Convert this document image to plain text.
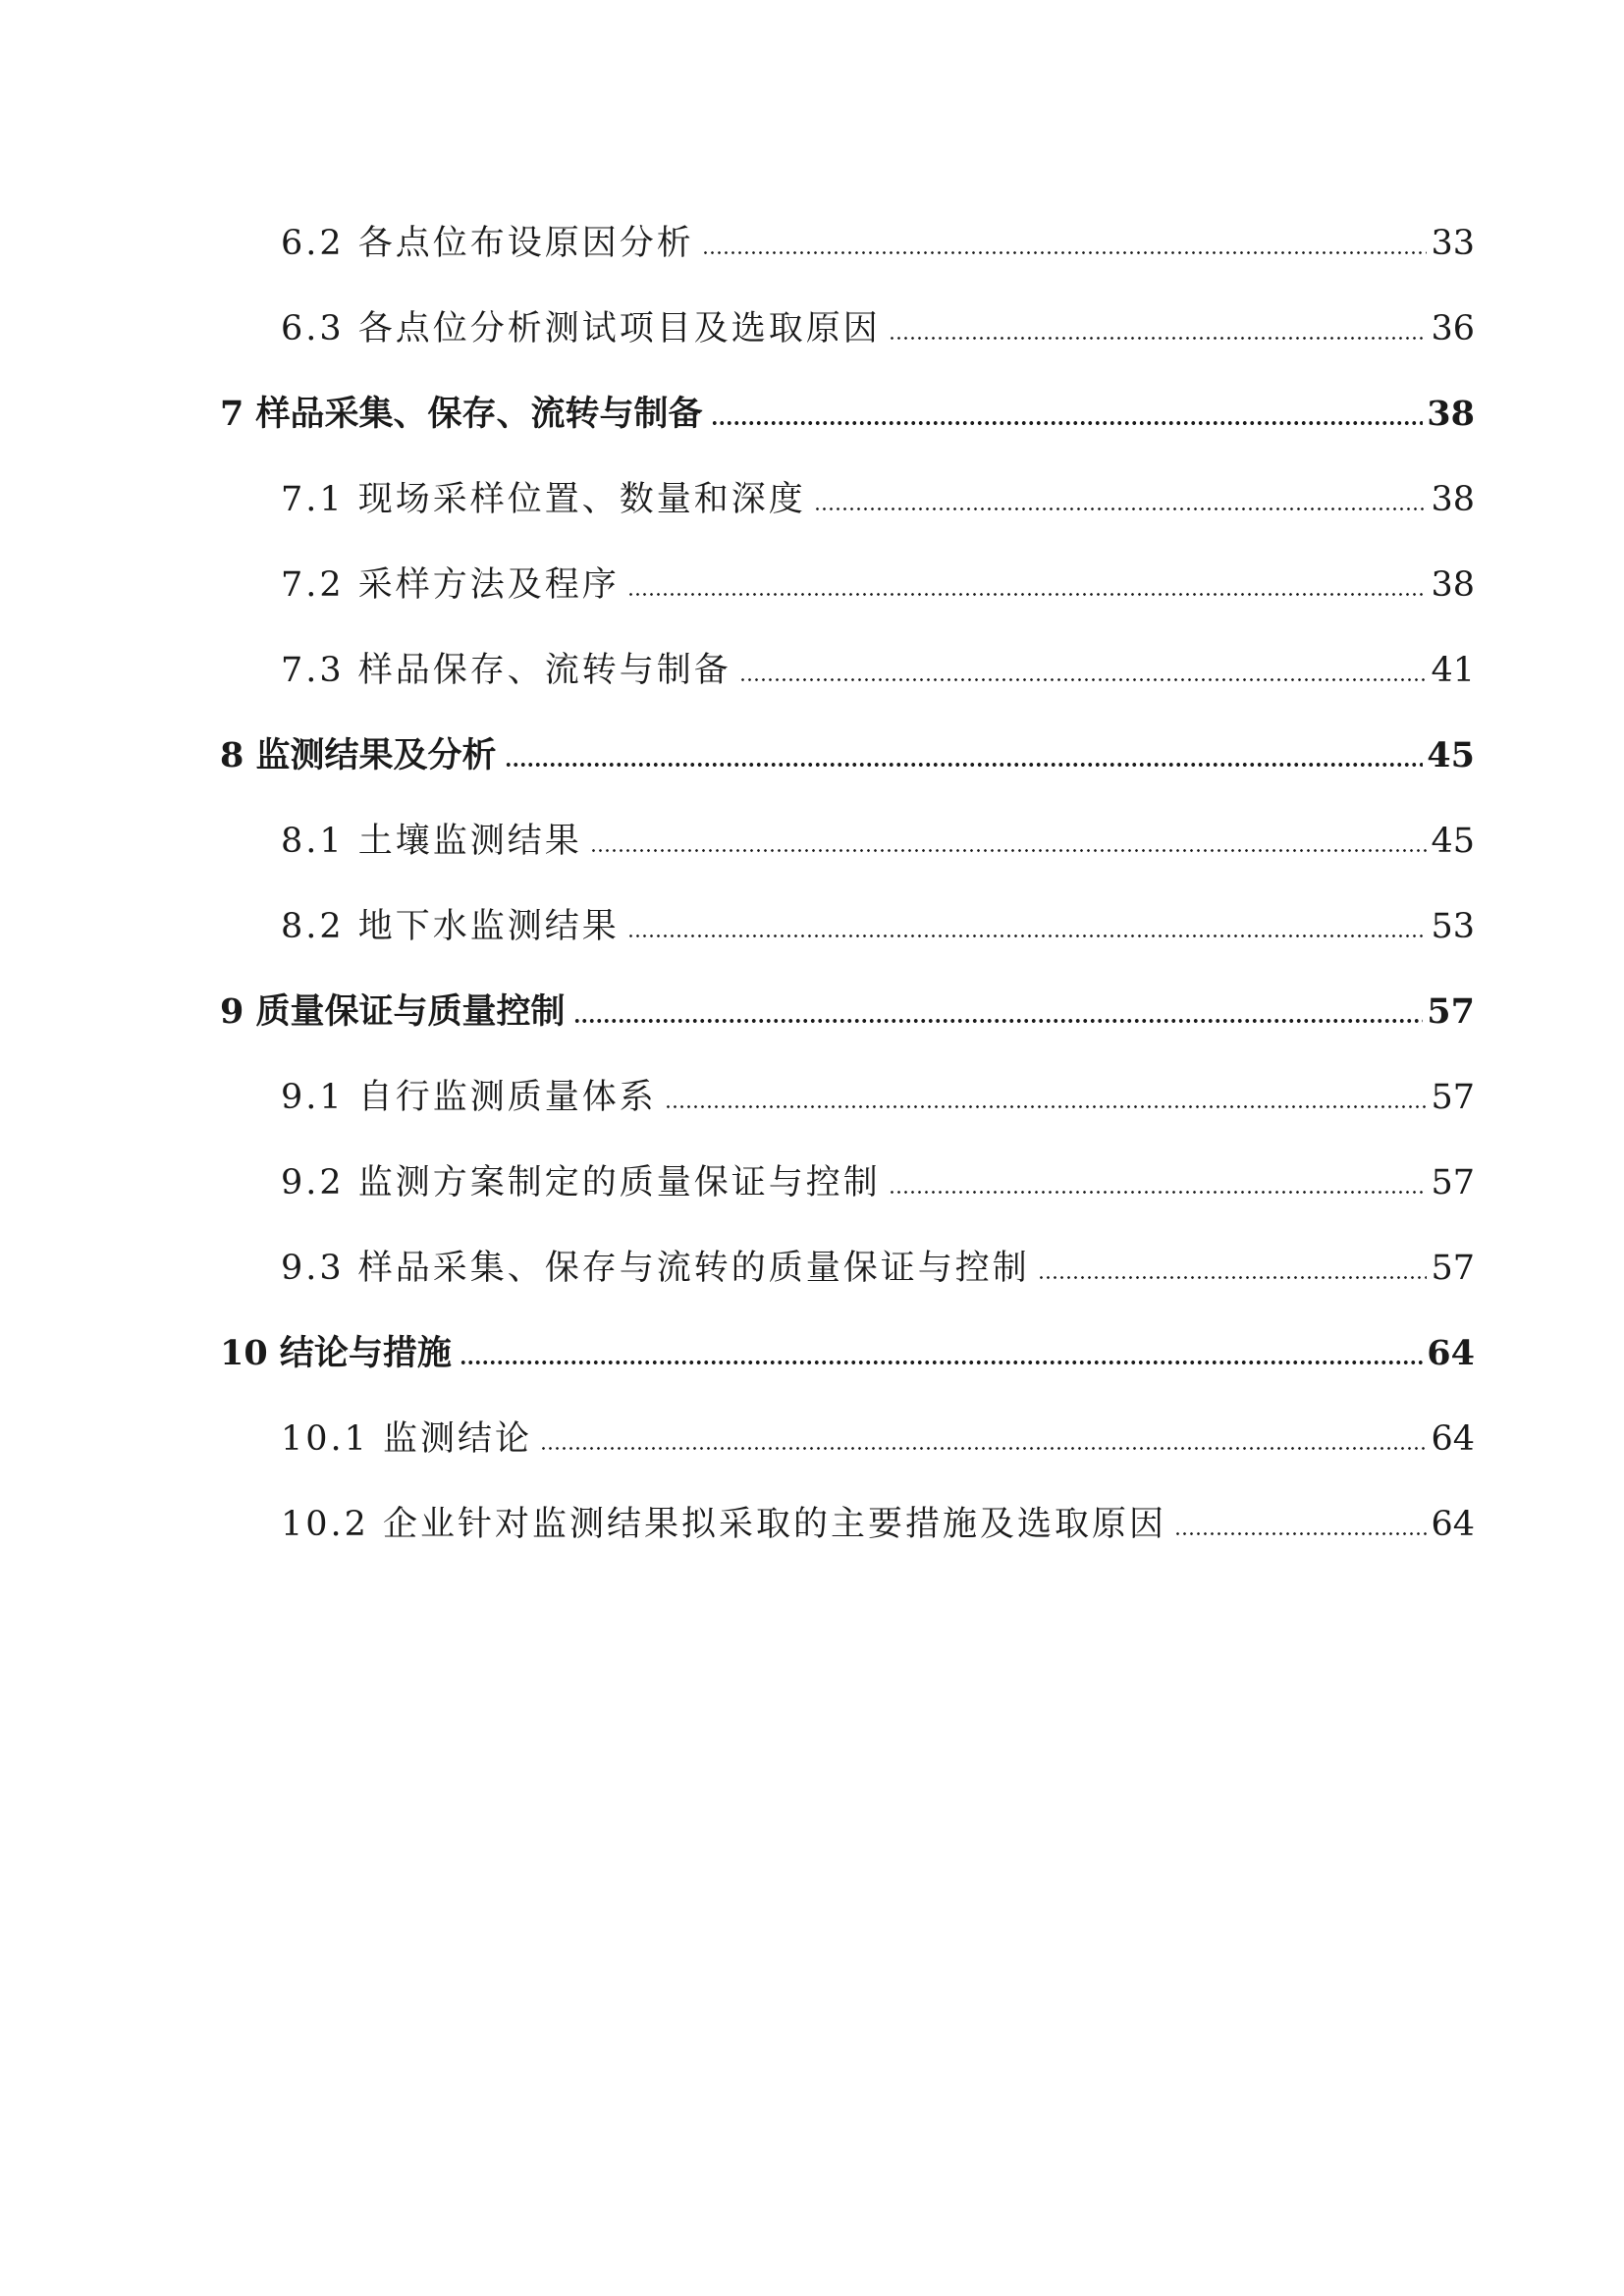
6.2 各点位布设原因分析	33
6.3 各点位分析测试项目及选取原因	36
7 样品采集、保存、流转与制备	38
7.1 现场采样位置、数量和深度	38
7.2 采样方法及程序	38
7.3 样品保存、流转与制备	41
8 监测结果及分析	45
8.1 土壤监测结果	45
8.2 地下水监测结果	53
9 质量保证与质量控制	57
9.1 自行监测质量体系	57
9.2 监测方案制定的质量保证与控制	57
9.3 样品采集、保存与流转的质量保证与控制	57
10 结论与措施	64
10.1 监测结论	64
10.2 企业针对监测结果拟采取的主要措施及选取原因	64
